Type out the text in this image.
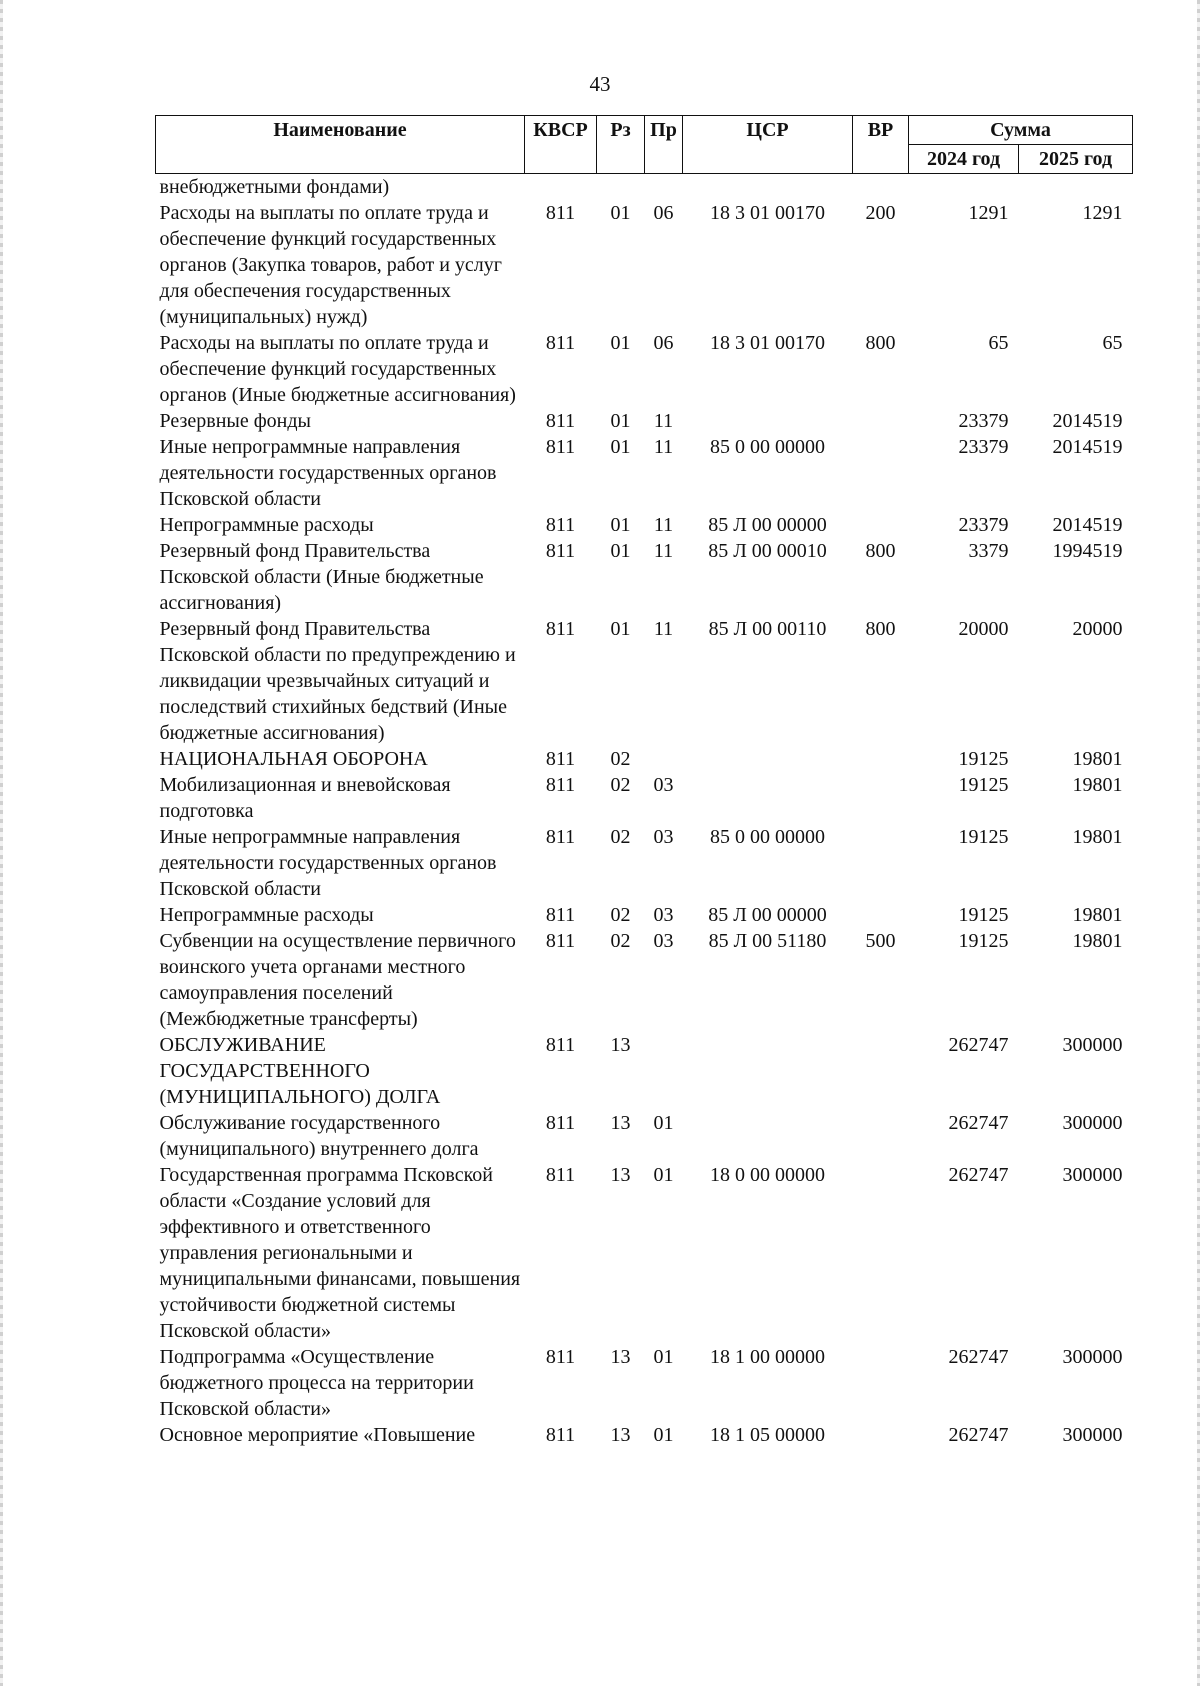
43
Наименование	КВСР	Рз	Пр	ЦСР	ВР	Сумма	
						2024 год	2025 год
внебюджетными фондами)							
Расходы на выплаты по оплате труда и обеспечение функций государственных органов (Закупка товаров, работ и услуг для обеспечения государственных (муниципальных) нужд)	811	01	06	18 3 01 00170	200	1291	1291
Расходы на выплаты по оплате труда и обеспечение функций государственных органов (Иные бюджетные ассигнования)	811	01	06	18 3 01 00170	800	65	65
Резервные фонды	811	01	11			23379	2014519
Иные непрограммные направления деятельности государственных органов Псковской области	811	01	11	85 0 00 00000		23379	2014519
Непрограммные расходы	811	01	11	85 Л 00 00000		23379	2014519
Резервный фонд Правительства Псковской области (Иные бюджетные ассигнования)	811	01	11	85 Л 00 00010	800	3379	1994519
Резервный фонд Правительства Псковской области по предупреждению и ликвидации чрезвычайных ситуаций и последствий стихийных бедствий (Иные бюджетные ассигнования)	811	01	11	85 Л 00 00110	800	20000	20000
НАЦИОНАЛЬНАЯ ОБОРОНА	811	02				19125	19801
Мобилизационная и вневойсковая подготовка	811	02	03			19125	19801
Иные непрограммные направления деятельности государственных органов Псковской области	811	02	03	85 0 00 00000		19125	19801
Непрограммные расходы	811	02	03	85 Л 00 00000		19125	19801
Субвенции на осуществление первичного воинского учета органами местного самоуправления поселений (Межбюджетные трансферты)	811	02	03	85 Л 00 51180	500	19125	19801
ОБСЛУЖИВАНИЕ ГОСУДАРСТВЕННОГО (МУНИЦИПАЛЬНОГО) ДОЛГА	811	13				262747	300000
Обслуживание государственного (муниципального) внутреннего долга	811	13	01			262747	300000
Государственная программа Псковской области «Создание условий для эффективного и ответственного управления региональными и муниципальными финансами, повышения устойчивости бюджетной системы Псковской области»	811	13	01	18 0 00 00000		262747	300000
Подпрограмма «Осуществление бюджетного процесса на территории Псковской области»	811	13	01	18 1 00 00000		262747	300000
Основное мероприятие «Повышение	811	13	01	18 1 05 00000		262747	300000
